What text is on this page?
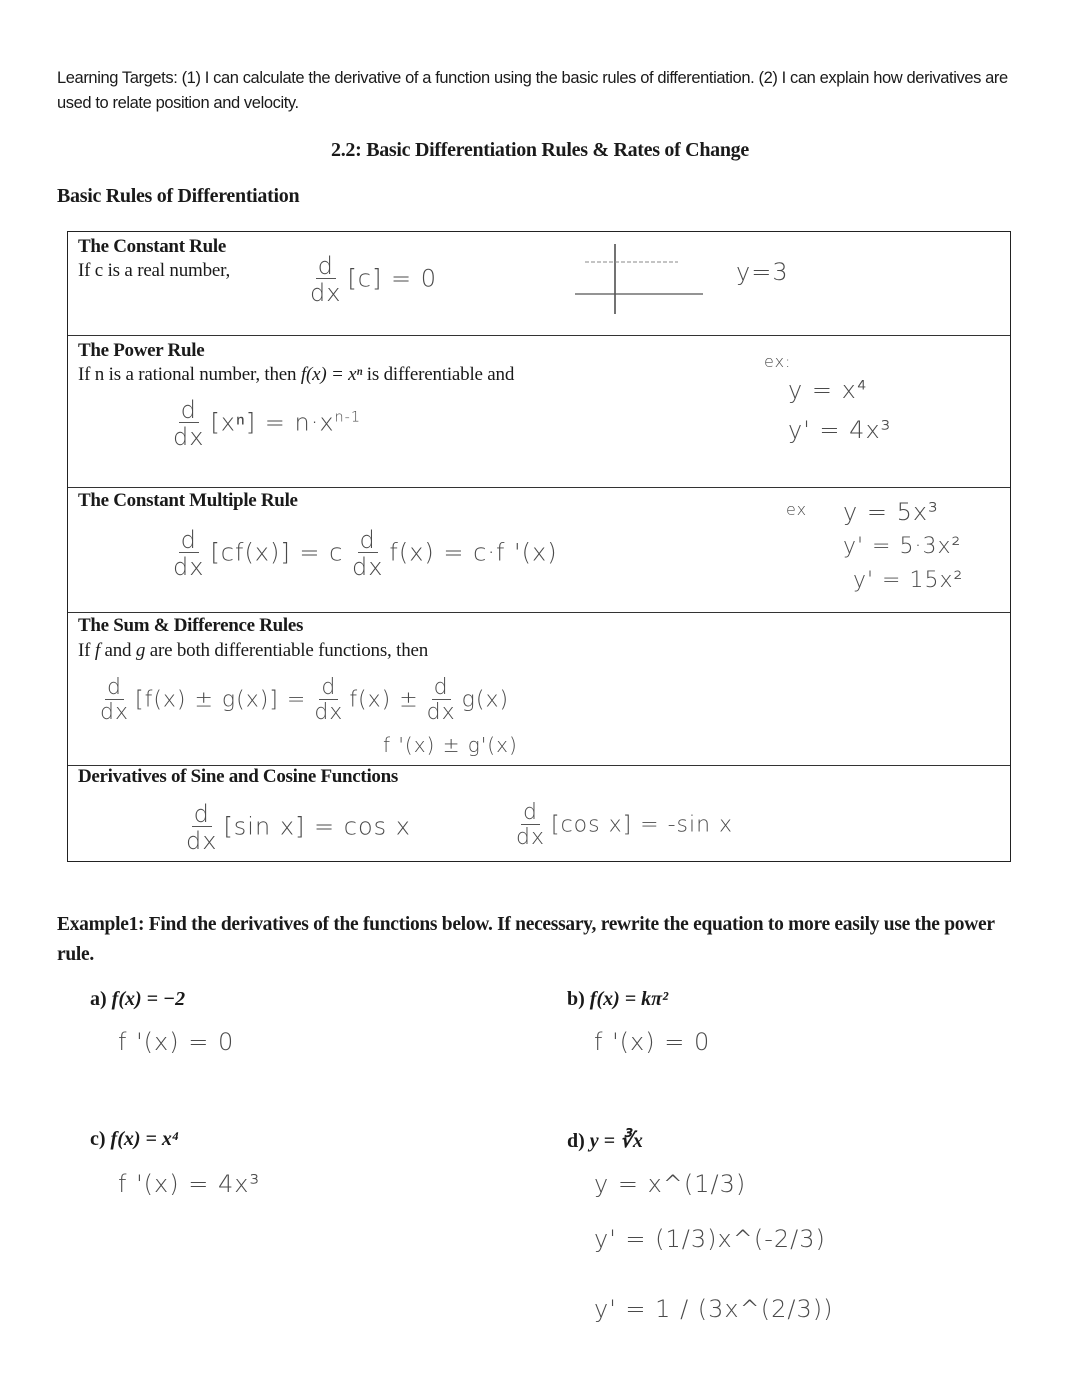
Learning Targets: (1) I can calculate the derivative of a function using the basic rules of differentiation. (2) I can explain how derivatives are used to relate position and velocity.
2.2: Basic Differentiation Rules & Rates of Change
Basic Rules of Differentiation
The Constant Rule
If c is a real number,	$\frac{d}{dx} [c] = 0$	y=3
The Power Rule
If n is a rational number, then f(x) = xⁿ is differentiable and
$\frac{d}{dx} [x^n] = n\cdot x^{n-1}$
ex:
y = x⁴
y' = 4x³
The Constant Multiple Rule
$\frac{d}{dx} [cf(x)] = c \frac{d}{dx} f(x) = c\cdot f$ '(x)
ex y = 5x³
y' = 5·3x²
y' = 15x²
The Sum & Difference Rules
If f and g are both differentiable functions, then
$\frac{d}{dx} [f(x) \pm g(x)] = \frac{d}{dx} f(x) \pm \frac{d}{dx} g(x)$
f '(x) ± g'(x)
Derivatives of Sine and Cosine Functions
$\frac{d}{dx} [\sin$ x] = cos x	$\frac{d}{dx} [\cos$ x] = -sin x
Example1: Find the derivatives of the functions below. If necessary, rewrite the equation to more easily use the power rule.
a) f(x) = −2
f '(x) = 0
b) f(x) = kπ²
f '(x) = 0
c) f(x) = x⁴
f '(x) = 4x³
d) y = ∛x
y = x^(1/3)
y' = (1/3)x^(-2/3)
y' = 1 / (3x^(2/3))
